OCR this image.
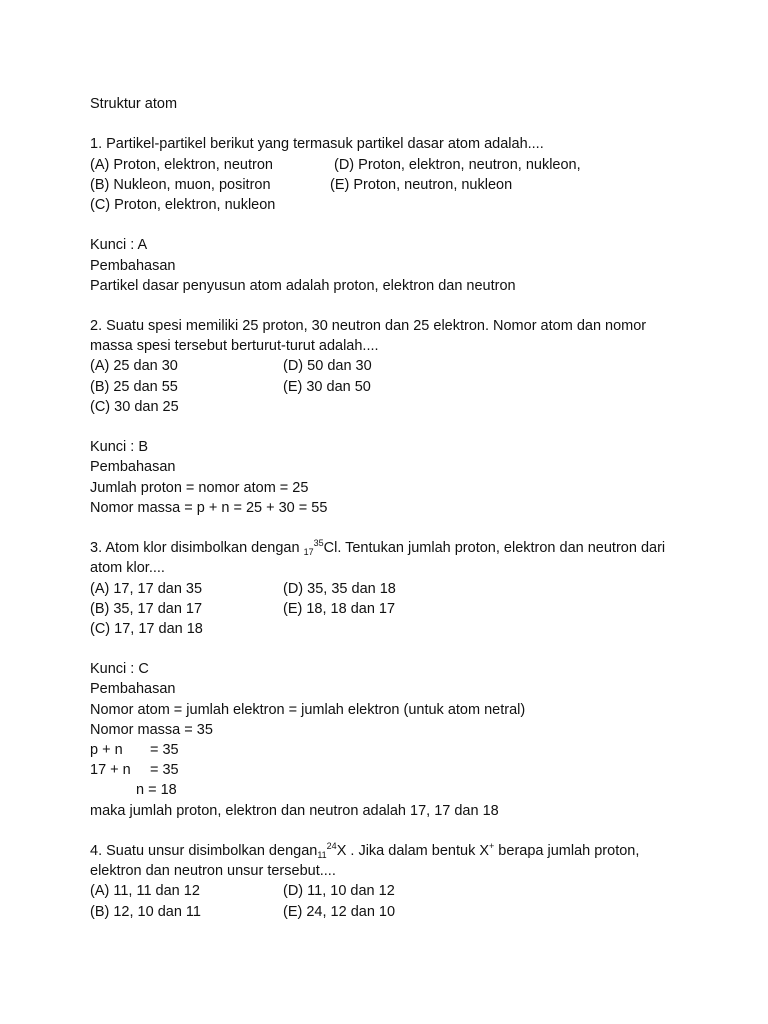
Struktur atom
1. Partikel-partikel berikut yang termasuk partikel dasar atom adalah....
(A) Proton, elektron, neutron	(D) Proton, elektron, neutron, nukleon,
(B) Nukleon, muon, positron	(E) Proton, neutron, nukleon
(C) Proton, elektron, nukleon
Kunci : A
Pembahasan
Partikel dasar penyusun atom adalah proton, elektron dan neutron
2. Suatu spesi memiliki 25 proton, 30 neutron dan 25 elektron. Nomor atom dan nomor
massa spesi tersebut berturut-turut adalah....
(A) 25 dan 30	(D) 50 dan 30
(B) 25 dan 55	(E) 30 dan 50
(C) 30 dan 25
Kunci : B
Pembahasan
Jumlah proton = nomor atom = 25
Nomor massa = p + n = 25 + 30 = 55
3. Atom klor disimbolkan dengan $_{17}^{35}$Cl. Tentukan jumlah proton, elektron dan neutron dari
atom klor....
(A) 17, 17 dan 35	(D) 35, 35 dan 18
(B) 35, 17 dan 17	(E) 18, 18 dan 17
(C) 17, 17 dan 18
Kunci : C
Pembahasan
Nomor atom = jumlah elektron = jumlah elektron (untuk atom netral)
Nomor massa = 35
p + n = 35
17 + n = 35
n = 18
maka jumlah proton, elektron dan neutron adalah 17, 17 dan 18
4. Suatu unsur disimbolkan dengan$_{11}^{24}$X . Jika dalam bentuk X+ berapa jumlah proton,
elektron dan neutron unsur tersebut....
(A) 11, 11 dan 12	(D) 11, 10 dan 12
(B) 12, 10 dan 11	(E) 24, 12 dan 10
